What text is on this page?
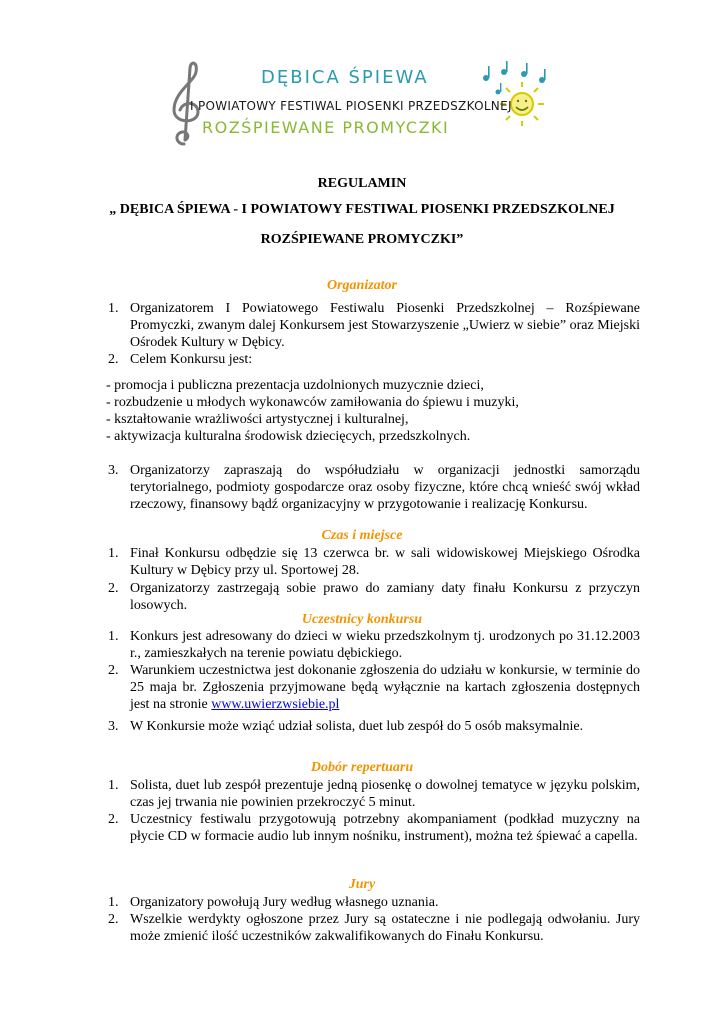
DĘBICA ŚPIEWA
I POWIATOWY FESTIWAL PIOSENKI PRZEDSZKOLNEJ
ROZŚPIEWANE PROMYCZKI
REGULAMIN
„ DĘBICA ŚPIEWA - I POWIATOWY FESTIWAL PIOSENKI PRZEDSZKOLNEJ
ROZŚPIEWANE PROMYCZKI”
Organizator
1. Organizatorem I Powiatowego Festiwalu Piosenki Przedszkolnej – Rozśpiewane Promyczki, zwanym dalej Konkursem jest Stowarzyszenie „Uwierz w siebie” oraz Miejski Ośrodek Kultury w Dębicy.
2. Celem Konkursu jest:
- promocja i publiczna prezentacja uzdolnionych muzycznie dzieci,
- rozbudzenie u młodych wykonawców zamiłowania do śpiewu i muzyki,
- kształtowanie wrażliwości artystycznej i kulturalnej,
- aktywizacja kulturalna środowisk dziecięcych, przedszkolnych.
3. Organizatorzy zapraszają do współudziału w organizacji jednostki samorządu terytorialnego, podmioty gospodarcze oraz osoby fizyczne, które chcą wnieść swój wkład rzeczowy, finansowy bądź organizacyjny w przygotowanie i realizację Konkursu.
Czas i miejsce
1. Finał Konkursu odbędzie się 13 czerwca br. w sali widowiskowej Miejskiego Ośrodka Kultury w Dębicy przy ul. Sportowej 28.
2. Organizatorzy zastrzegają sobie prawo do zamiany daty finału Konkursu z przyczyn losowych.
Uczestnicy konkursu
1. Konkurs jest adresowany do dzieci w wieku przedszkolnym tj. urodzonych po 31.12.2003 r., zamieszkałych na terenie powiatu dębickiego.
2. Warunkiem uczestnictwa jest dokonanie zgłoszenia do udziału w konkursie, w terminie do 25 maja br. Zgłoszenia przyjmowane będą wyłącznie na kartach zgłoszenia dostępnych jest na stronie www.uwierzwsiebie.pl
3. W Konkursie może wziąć udział solista, duet lub zespół do 5 osób maksymalnie.
Dobór repertuaru
1. Solista, duet lub zespół prezentuje jedną piosenkę o dowolnej tematyce w języku polskim, czas jej trwania nie powinien przekroczyć 5 minut.
2. Uczestnicy festiwalu przygotowują potrzebny akompaniament (podkład muzyczny na płycie CD w formacie audio lub innym nośniku, instrument), można też śpiewać a capella.
Jury
1. Organizatory powołują Jury według własnego uznania.
2. Wszelkie werdykty ogłoszone przez Jury są ostateczne i nie podlegają odwołaniu. Jury może zmienić ilość uczestników zakwalifikowanych do Finału Konkursu.
